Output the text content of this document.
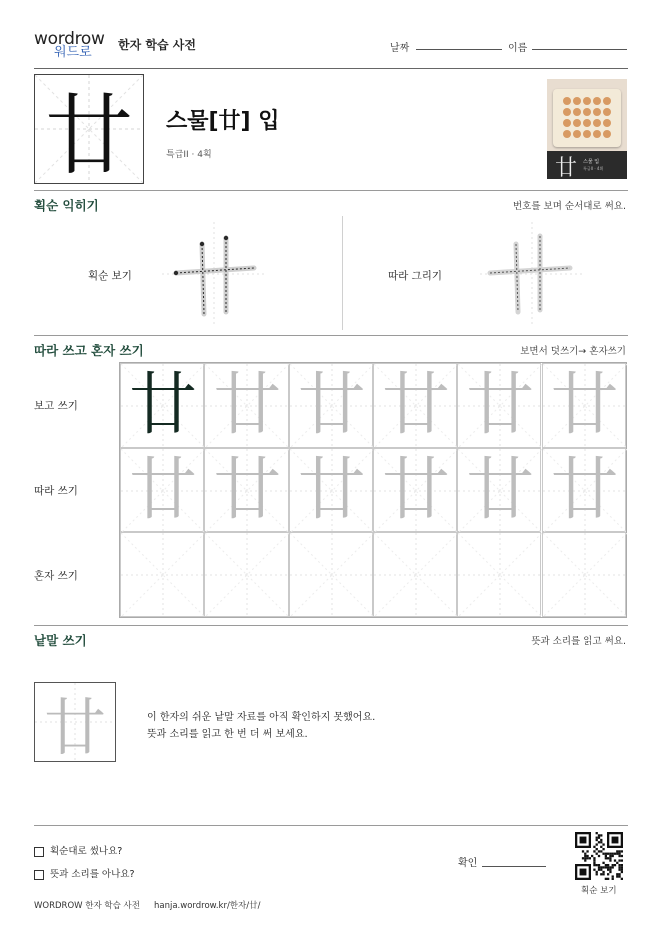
wordrow
워드로 한자 학습 사전	날짜	이름
廿	스물[廿] 입
특급II · 4획
廿 스물 입
특급II · 4획
획순 익히기	번호를 보며 순서대로 써요.
획순 보기	따라 그리기
따라 쓰고 혼자 쓰기	보면서 덧쓰기→ 혼자쓰기
보고 쓰기
따라 쓰기
혼자 쓰기
廿 廿 廿 廿 廿 廿
廿 廿 廿 廿 廿 廿
낱말 쓰기	뜻과 소리를 읽고 써요.
廿	이 한자의 쉬운 낱말 자료를 아직 확인하지 못했어요.
뜻과 소리를 읽고 한 번 더 써 보세요.
획순대로 썼나요?
뜻과 소리를 아나요?
확인
획순 보기
WORDROW 한자 학습 사전 hanja.wordrow.kr/한자/廿/
